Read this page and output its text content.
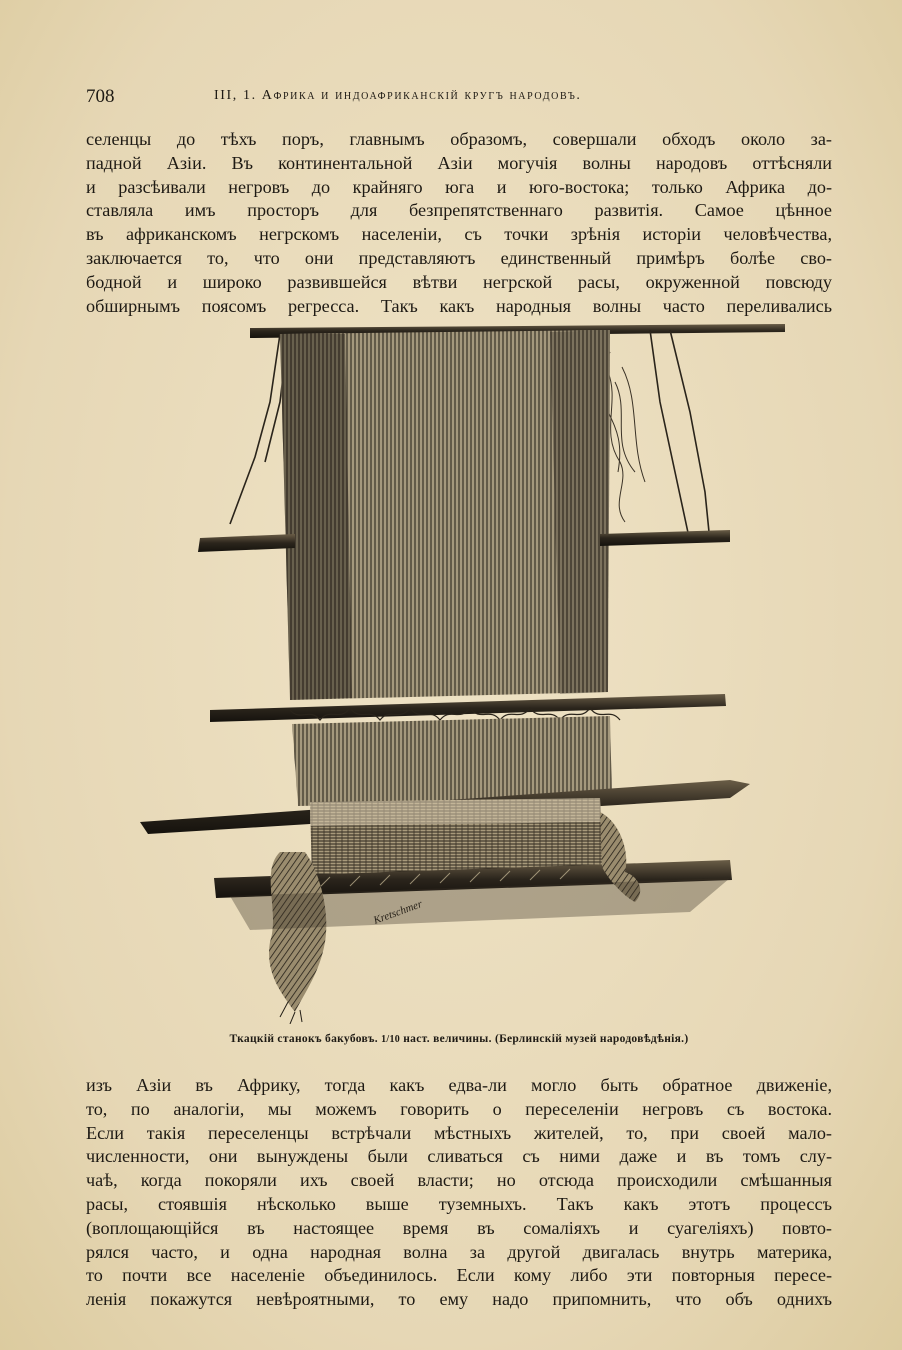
708	III, 1. Африка и индоафриканскій кругъ народовъ.
селенцы до тѣхъ поръ, главнымъ образомъ, совершали обходъ около за-
падной Азіи. Въ континентальной Азіи могучія волны народовъ оттѣсняли
и разсѣивали негровъ до крайняго юга и юго-востока; только Африка до-
ставляла имъ просторъ для безпрепятственнаго развитія. Самое цѣнное
въ африканскомъ негрскомъ населеніи, съ точки зрѣнія исторіи человѣчества,
заключается то, что они представляютъ единственный примѣръ болѣе сво-
бодной и широко развившейся вѣтви негрской расы, окруженной повсюду
обширнымъ поясомъ регресса. Такъ какъ народныя волны часто переливались
Kretschmer
Ткацкій станокъ бакубовъ. 1/10 наст. величины. (Берлинскій музей народовѣдѣнія.)
изъ Азіи въ Африку, тогда какъ едва-ли могло быть обратное движеніе,
то, по аналогіи, мы можемъ говорить о переселеніи негровъ съ востока.
Если такія переселенцы встрѣчали мѣстныхъ жителей, то, при своей мало-
численности, они вынуждены были сливаться съ ними даже и въ томъ слу-
чаѣ, когда покоряли ихъ своей власти; но отсюда происходили смѣшанныя
расы, стоявшія нѣсколько выше туземныхъ. Такъ какъ этотъ процессъ
(воплощающійся въ настоящее время въ сомаліяхъ и суагеліяхъ) повто-
рялся часто, и одна народная волна за другой двигалась внутрь материка,
то почти все населеніе объединилось. Если кому либо эти повторныя пересе-
ленія покажутся невѣроятными, то ему надо припомнить, что объ однихъ
